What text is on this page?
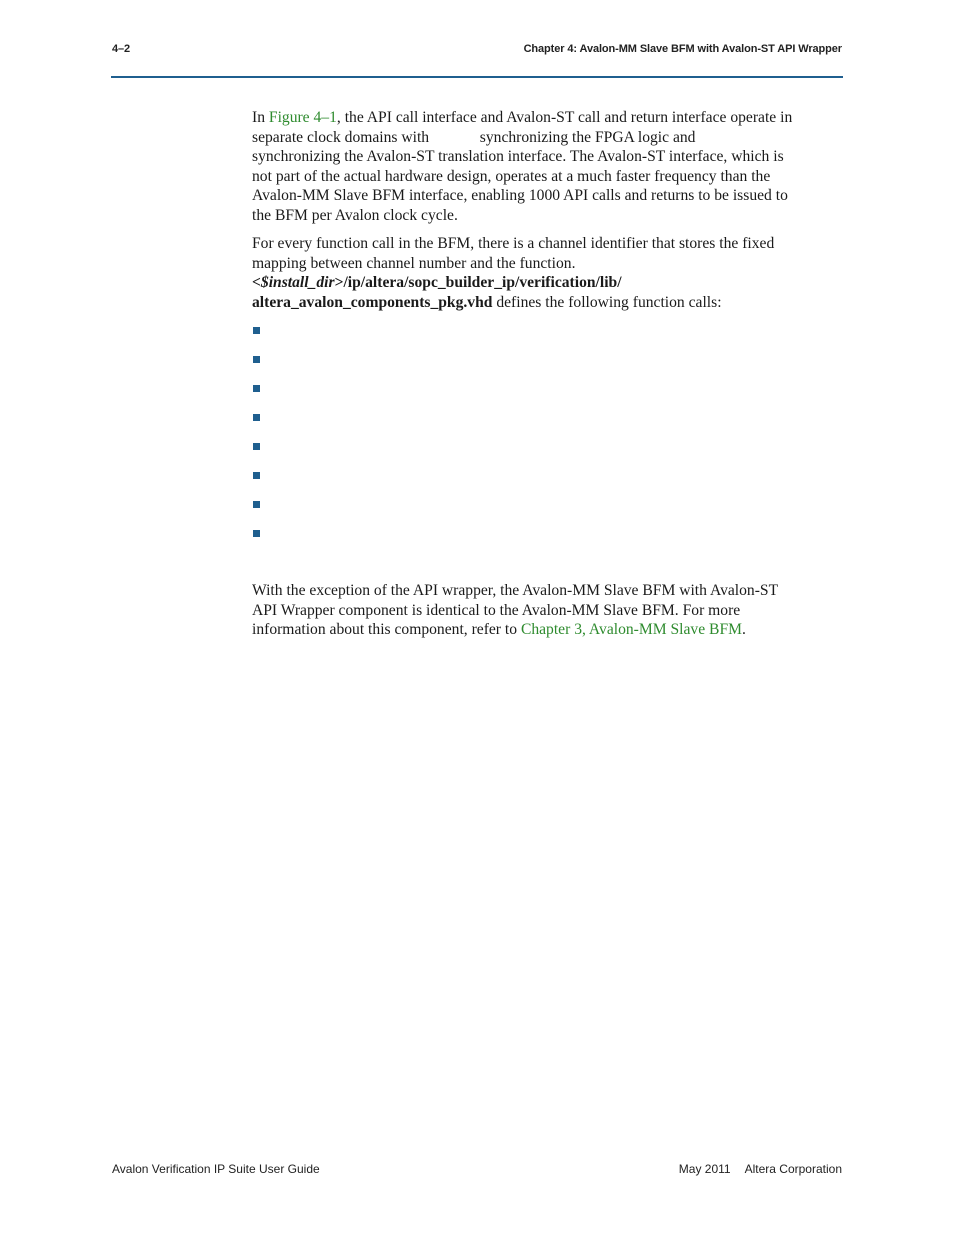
4–2	Chapter 4: Avalon-MM Slave BFM with Avalon-ST API Wrapper
In Figure 4–1, the API call interface and Avalon-ST call and return interface operate in
separate clock domains with             synchronizing the FPGA logic and
synchronizing the Avalon-ST translation interface. The Avalon-ST interface, which is
not part of the actual hardware design, operates at a much faster frequency than the
Avalon-MM Slave BFM interface, enabling 1000 API calls and returns to be issued to
the BFM per Avalon clock cycle.
For every function call in the BFM, there is a channel identifier that stores the fixed
mapping between channel number and the function.
<$install_dir>/ip/altera/sopc_builder_ip/verification/lib/
altera_avalon_components_pkg.vhd defines the following function calls:
With the exception of the API wrapper, the Avalon-MM Slave BFM with Avalon-ST
API Wrapper component is identical to the Avalon-MM Slave BFM. For more
information about this component, refer to Chapter 3, Avalon-MM Slave BFM.
Avalon Verification IP Suite User Guide	May 2011 Altera Corporation
